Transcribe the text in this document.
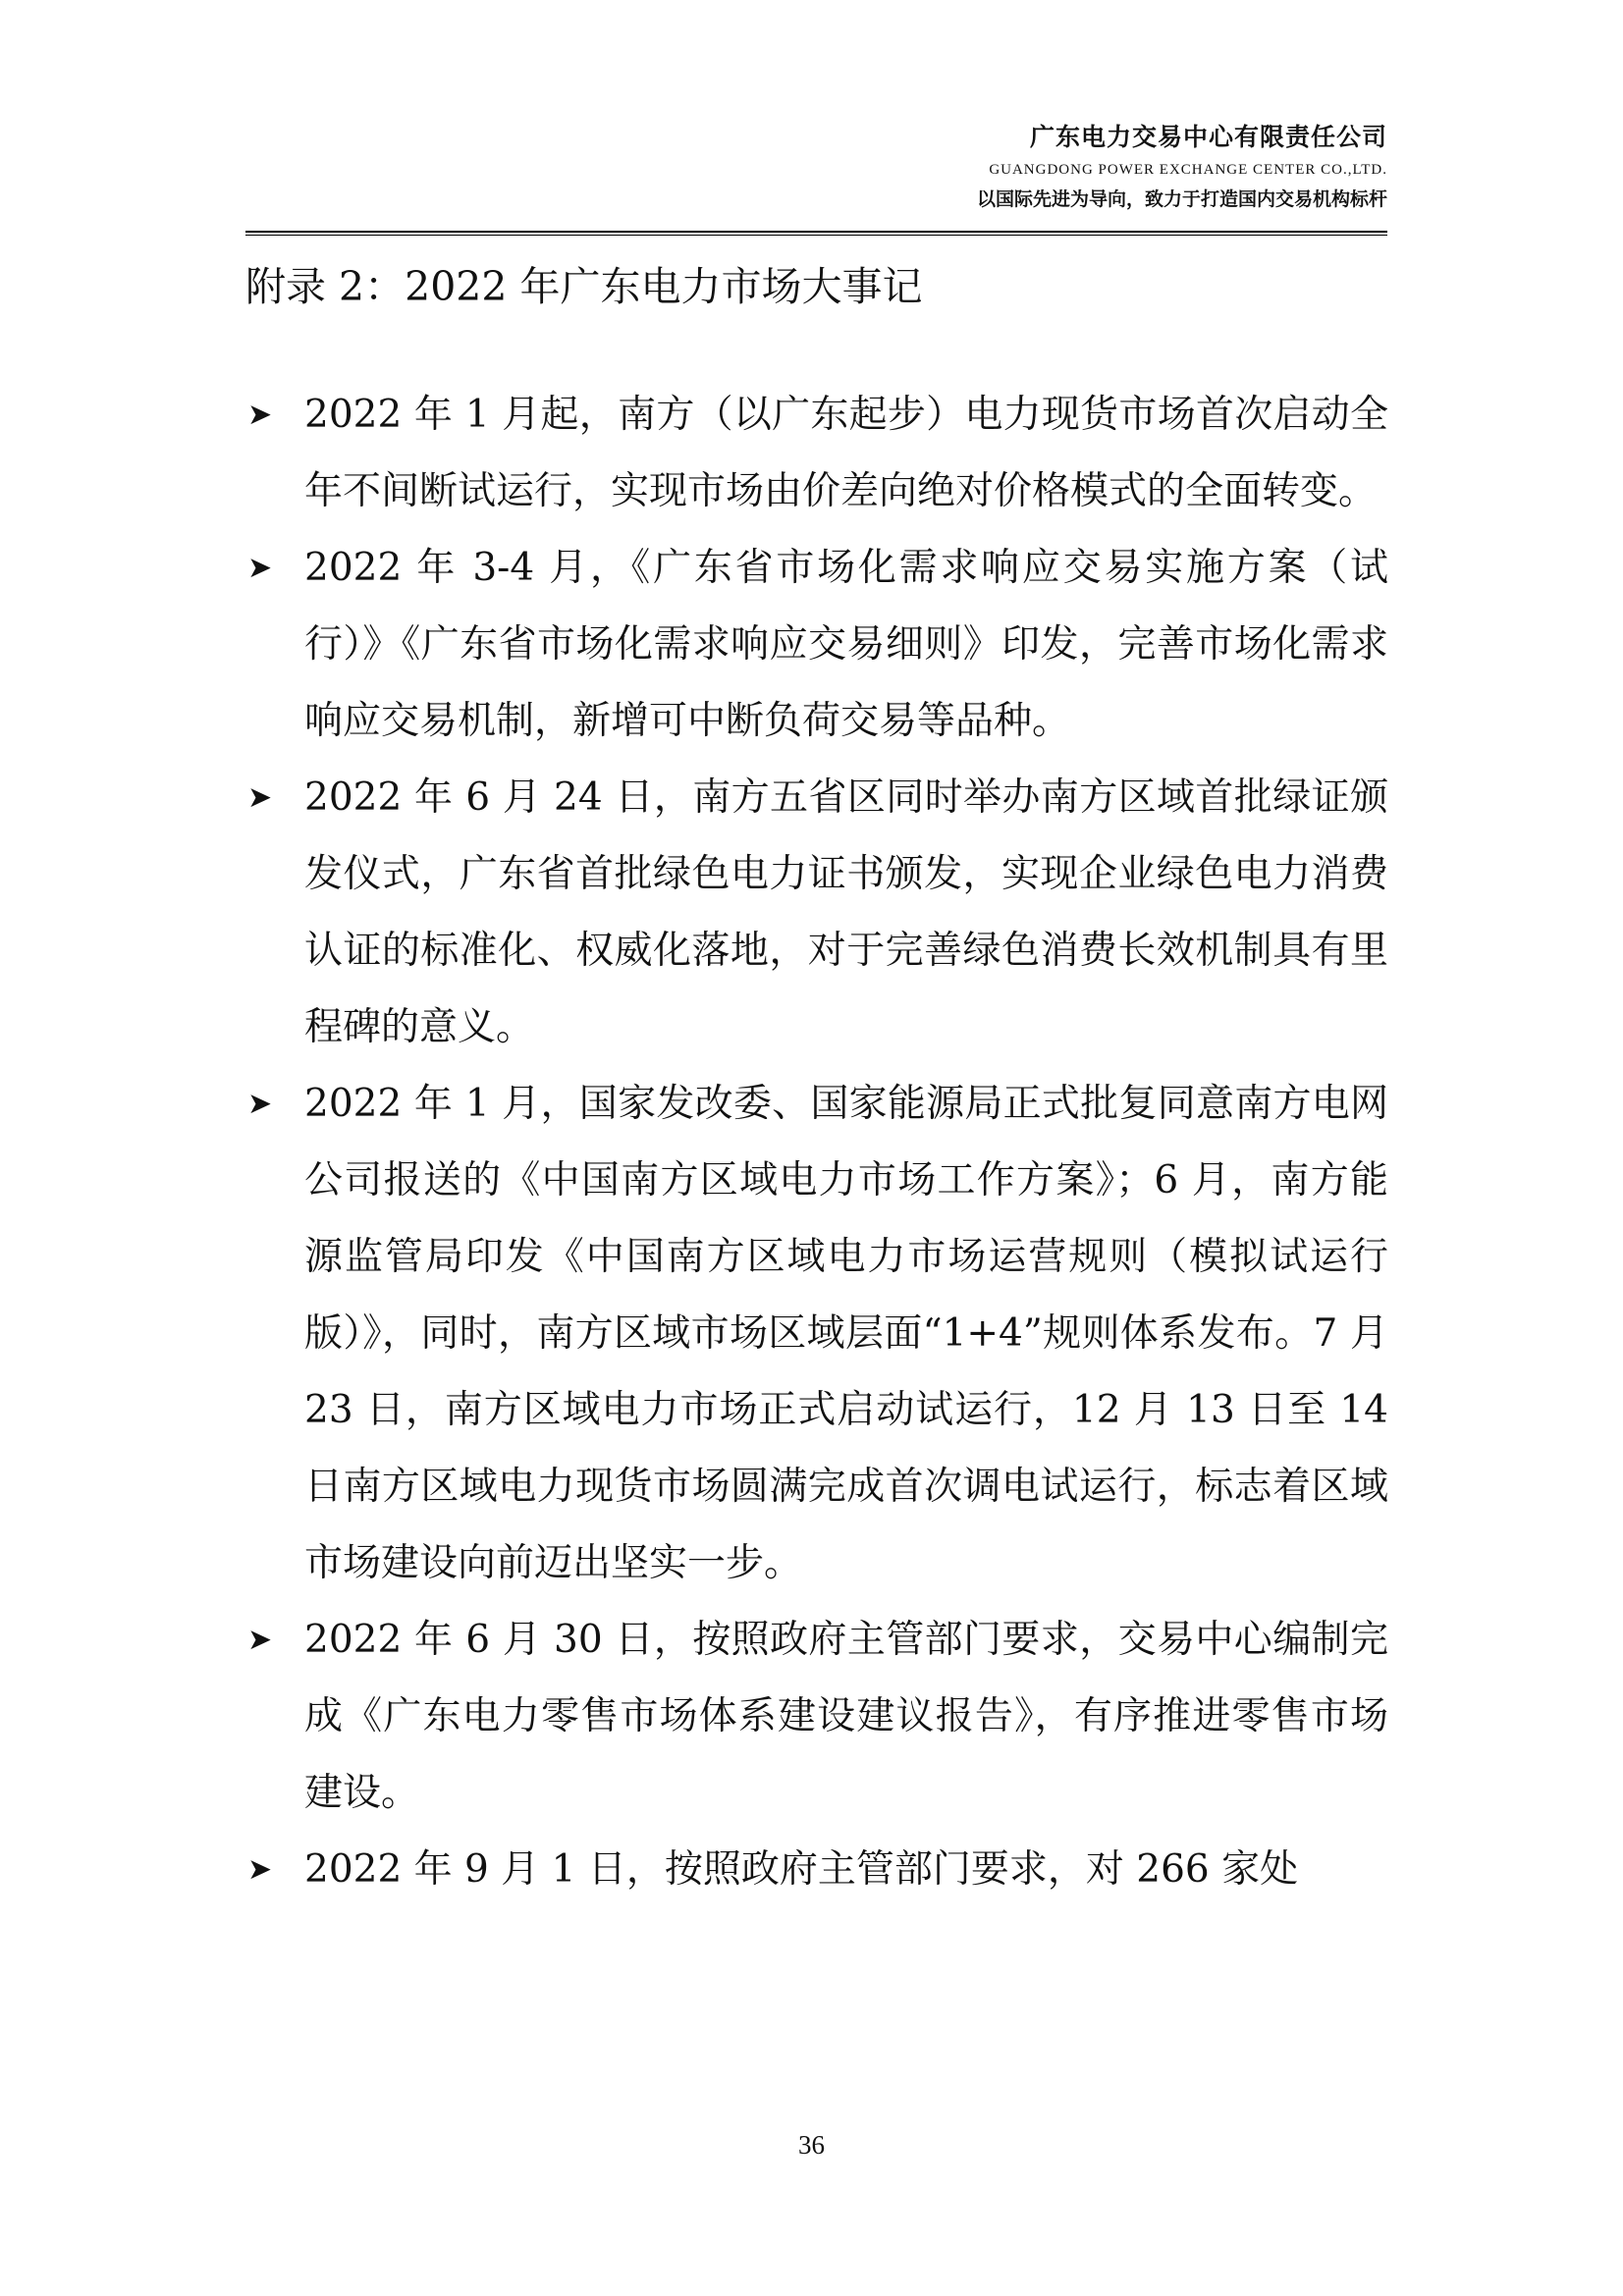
广东电力交易中心有限责任公司
GUANGDONG POWER EXCHANGE CENTER CO.,LTD.
以国际先进为导向，致力于打造国内交易机构标杆
附录 2：2022 年广东电力市场大事记
➤ 2022 年 1 月起，南方（以广东起步）电力现货市场首次启动全年不间断试运行，实现市场由价差向绝对价格模式的全面转变。
➤ 2022 年 3-4 月，《广东省市场化需求响应交易实施方案（试行）》《广东省市场化需求响应交易细则》印发，完善市场化需求响应交易机制，新增可中断负荷交易等品种。
➤ 2022 年 6 月 24 日，南方五省区同时举办南方区域首批绿证颁发仪式，广东省首批绿色电力证书颁发，实现企业绿色电力消费认证的标准化、权威化落地，对于完善绿色消费长效机制具有里程碑的意义。
➤ 2022 年 1 月，国家发改委、国家能源局正式批复同意南方电网公司报送的《中国南方区域电力市场工作方案》；6 月，南方能源监管局印发《中国南方区域电力市场运营规则（模拟试运行版）》，同时，南方区域市场区域层面“1+4”规则体系发布。7 月 23 日，南方区域电力市场正式启动试运行，12 月 13 日至 14 日南方区域电力现货市场圆满完成首次调电试运行，标志着区域市场建设向前迈出坚实一步。
➤ 2022 年 6 月 30 日，按照政府主管部门要求，交易中心编制完成《广东电力零售市场体系建设建议报告》，有序推进零售市场建设。
➤ 2022 年 9 月 1 日，按照政府主管部门要求，对 266 家处
36
